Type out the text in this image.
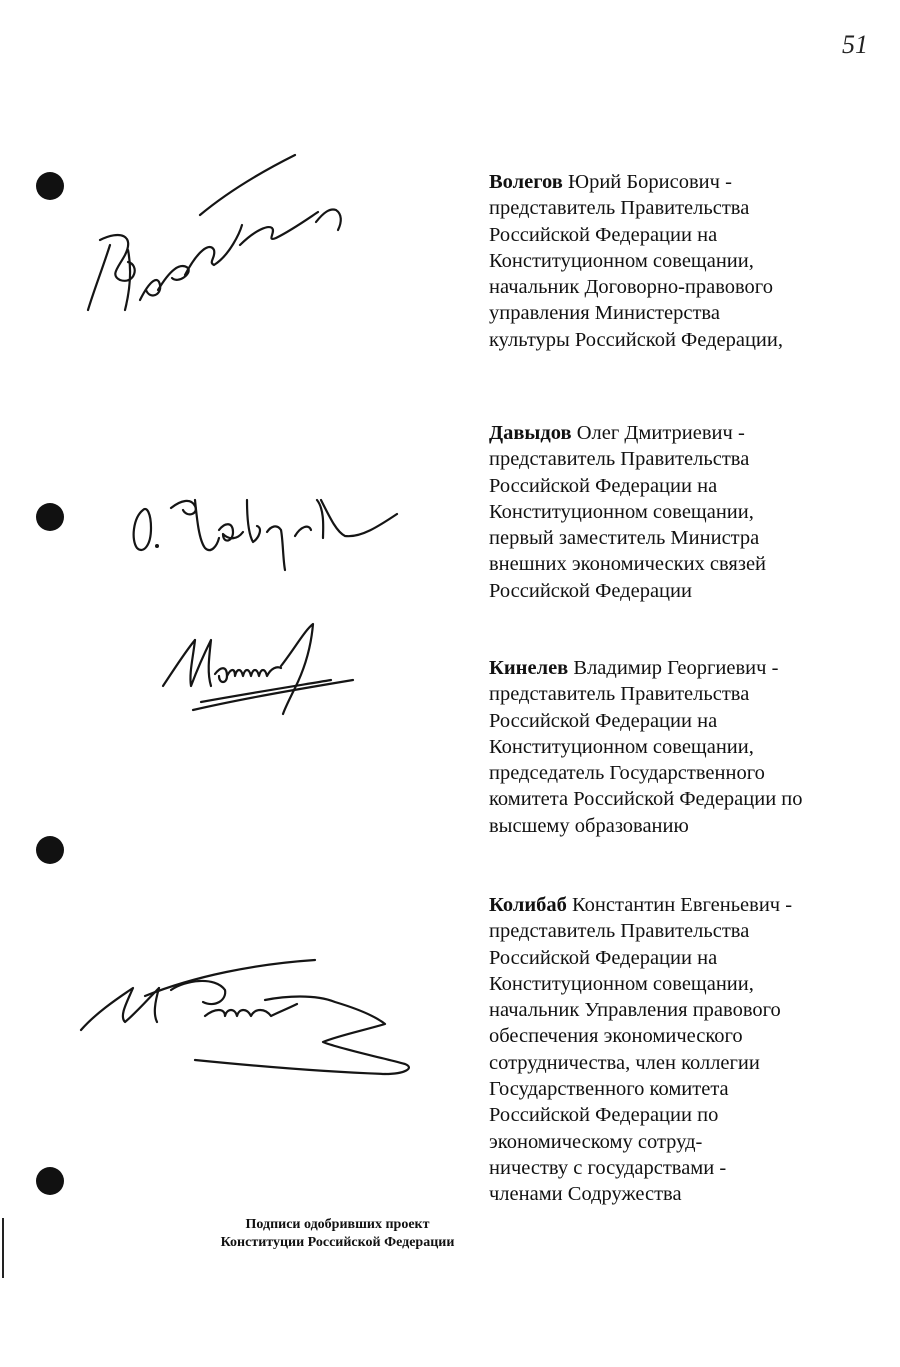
51
Волегов Юрий Борисович -
представитель Правительства
Российской Федерации на
Конституционном совещании,
начальник Договорно-правового
управления Министерства
культуры Российской Федерации,
Давыдов Олег Дмитриевич -
представитель Правительства
Российской Федерации на
Конституционном совещании,
первый заместитель Министра
внешних экономических связей
Российской Федерации
Кинелев Владимир Георгиевич -
представитель Правительства
Российской Федерации на
Конституционном совещании,
председатель Государственного
комитета Российской Федерации по
высшему образованию
Колибаб Константин Евгеньевич -
представитель Правительства
Российской Федерации на
Конституционном совещании,
начальник Управления правового
обеспечения экономического
сотрудничества, член коллегии
Государственного комитета
Российской Федерации по
экономическому сотруд-
ничеству с государствами -
членами Содружества
Подписи одобривших проект
Конституции Российской Федерации
